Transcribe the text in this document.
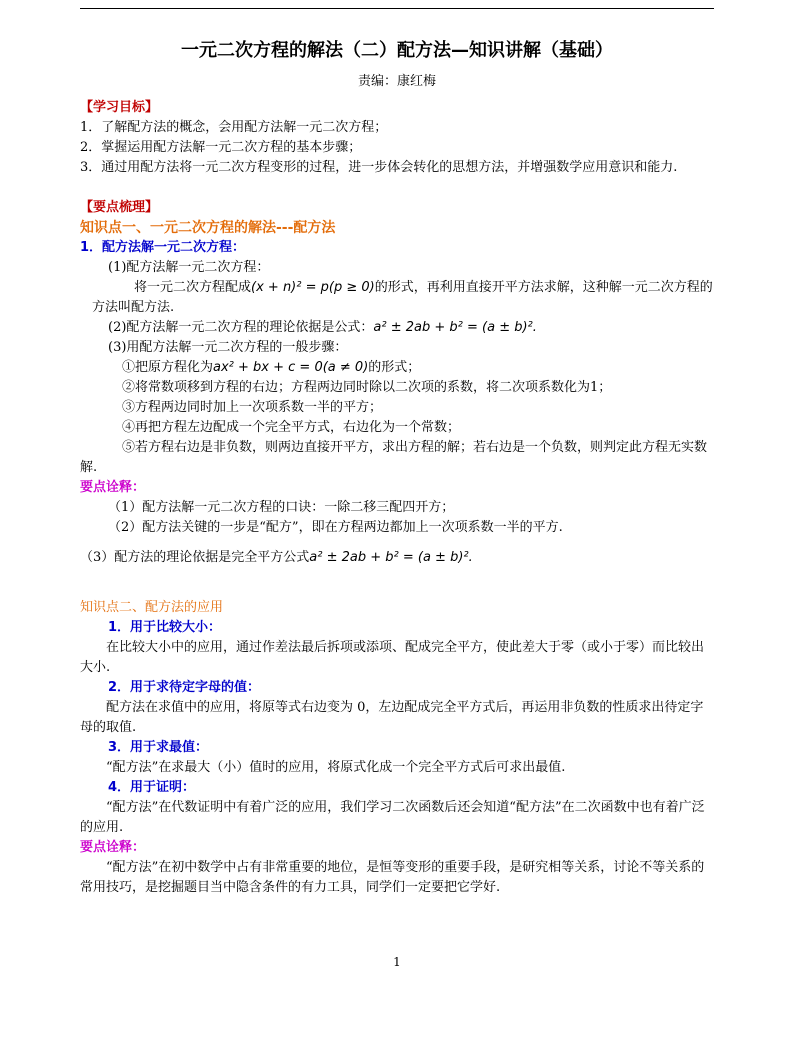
一元二次方程的解法（二）配方法—知识讲解（基础）
责编：康红梅
【学习目标】

1．了解配方法的概念，会用配方法解一元二次方程；

2．掌握运用配方法解一元二次方程的基本步骤；

3．通过用配方法将一元二次方程变形的过程，进一步体会转化的思想方法，并增强数学应用意识和能力.

【要点梳理】
知识点一、一元二次方程的解法---配方法
1．配方法解一元二次方程：

(1)配方法解一元二次方程：

将一元二次方程配成(x + n)² = p(p ≥ 0)的形式，再利用直接开平方法求解，这种解一元二次方程的方法叫配方法.

(2)配方法解一元二次方程的理论依据是公式：a² ± 2ab + b² = (a ± b)².

(3)用配方法解一元二次方程的一般步骤：

①把原方程化为ax² + bx + c = 0(a ≠ 0)的形式；

②将常数项移到方程的右边；方程两边同时除以二次项的系数，将二次项系数化为1；

③方程两边同时加上一次项系数一半的平方；

④再把方程左边配成一个完全平方式，右边化为一个常数；

⑤若方程右边是非负数，则两边直接开平方，求出方程的解；若右边是一个负数，则判定此方程无实数解.

要点诠释：

（1）配方法解一元二次方程的口诀：一除二移三配四开方；

（2）配方法关键的一步是“配方”，即在方程两边都加上一次项系数一半的平方.

（3）配方法的理论依据是完全平方公式a² ± 2ab + b² = (a ± b)².

知识点二、配方法的应用
1．用于比较大小：

在比较大小中的应用，通过作差法最后拆项或添项、配成完全平方，使此差大于零（或小于零）而比较出大小.

2．用于求待定字母的值：

配方法在求值中的应用，将原等式右边变为 0，左边配成完全平方式后，再运用非负数的性质求出待定字母的取值.

3．用于求最值：

“配方法”在求最大（小）值时的应用，将原式化成一个完全平方式后可求出最值.

4．用于证明：

“配方法”在代数证明中有着广泛的应用，我们学习二次函数后还会知道“配方法”在二次函数中也有着广泛的应用.

要点诠释：

“配方法”在初中数学中占有非常重要的地位，是恒等变形的重要手段，是研究相等关系，讨论不等关系的常用技巧，是挖掘题目当中隐含条件的有力工具，同学们一定要把它学好.

1
